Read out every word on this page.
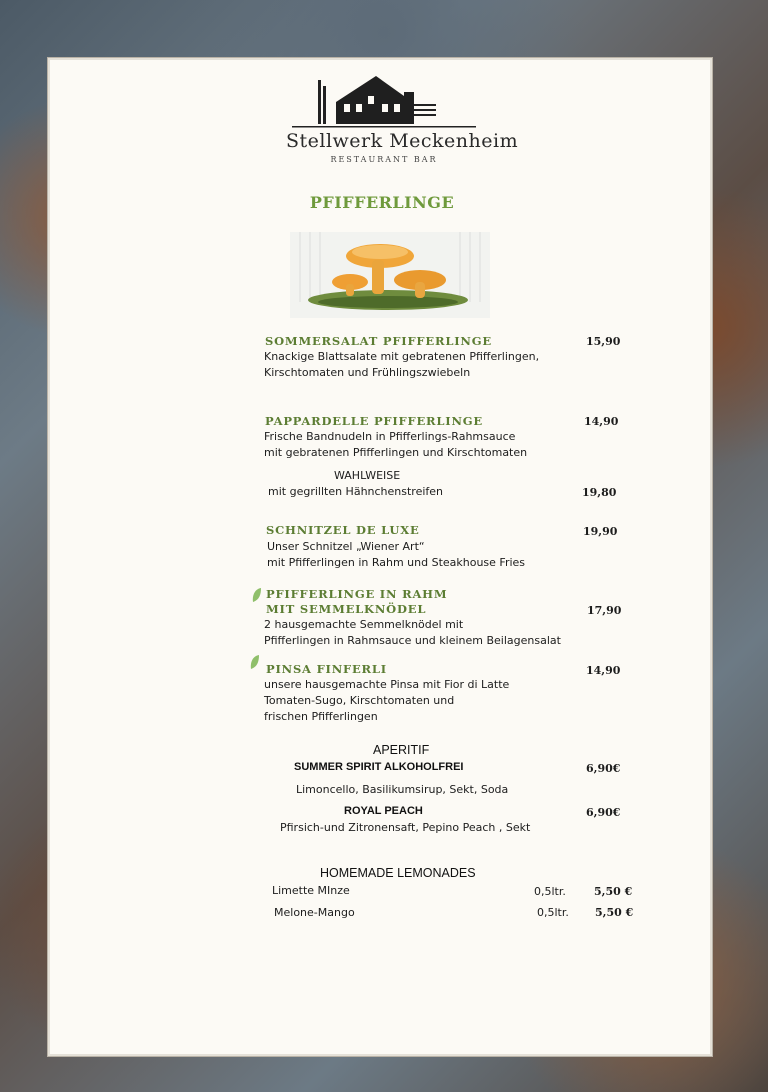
Stellwerk Meckenheim
RESTAURANT BAR
PFIFFERLINGE
SOMMERSALAT PFIFFERLINGE	15,90
Knackige Blattsalate mit gebratenen Pfifferlingen,
Kirschtomaten und Frühlingszwiebeln
PAPPARDELLE PFIFFERLINGE	14,90
Frische Bandnudeln in Pfifferlings-Rahmsauce
mit gebratenen Pfifferlingen und Kirschtomaten
WAHLWEISE
mit gegrillten Hähnchenstreifen	19,80
SCHNITZEL DE LUXE	19,90
Unser Schnitzel „Wiener Art“
mit Pfifferlingen in Rahm und Steakhouse Fries
PFIFFERLINGE IN RAHM
MIT SEMMELKNÖDEL	17,90
2 hausgemachte Semmelknödel mit
Pfifferlingen in Rahmsauce und kleinem Beilagensalat
PINSA FINFERLI	14,90
unsere hausgemachte Pinsa mit Fior di Latte
Tomaten-Sugo, Kirschtomaten und
frischen Pfifferlingen
APERITIF
SUMMER SPIRIT ALKOHOLFREI	6,90€
Limoncello, Basilikumsirup, Sekt, Soda
ROYAL PEACH	6,90€
Pfirsich-und Zitronensaft, Pepino Peach , Sekt
HOMEMADE LEMONADES
Limette MInze	0,5ltr.	5,50 €
Melone-Mango	0,5ltr. 5,50 €
